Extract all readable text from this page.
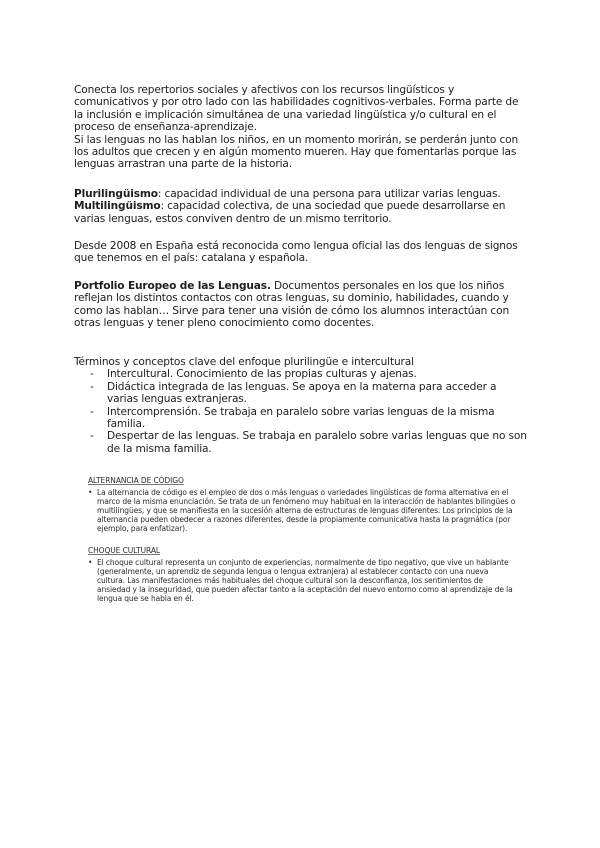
Conecta los repertorios sociales y afectivos con los recursos lingüísticos y comunicativos y por otro lado con las habilidades cognitivos-verbales. Forma parte de la inclusión e implicación simultánea de una variedad lingüística y/o cultural en el proceso de enseñanza-aprendizaje.

Si las lenguas no las hablan los niños, en un momento morirán, se perderán junto con los adultos que crecen y en algún momento mueren. Hay que fomentarlas porque las lenguas arrastran una parte de la historia.

Plurilingüismo: capacidad individual de una persona para utilizar varias lenguas.

Multilingüismo: capacidad colectiva, de una sociedad que puede desarrollarse en varias lenguas, estos conviven dentro de un mismo territorio.

Desde 2008 en España está reconocida como lengua oficial las dos lenguas de signos que tenemos en el país: catalana y española.

Portfolio Europeo de las Lenguas. Documentos personales en los que los niños reflejan los distintos contactos con otras lenguas, su dominio, habilidades, cuando y como las hablan… Sirve para tener una visión de cómo los alumnos interactúan con otras lenguas y tener pleno conocimiento como docentes.

Términos y conceptos clave del enfoque plurilingüe e intercultural

- Intercultural. Conocimiento de las propias culturas y ajenas.
- Didáctica integrada de las lenguas. Se apoya en la materna para acceder a varias lenguas extranjeras.
- Intercomprensión. Se trabaja en paralelo sobre varias lenguas de la misma familia.
- Despertar de las lenguas. Se trabaja en paralelo sobre varias lenguas que no son de la misma familia.

ALTERNANCIA DE CÓDIGO

• La alternancia de código es el empleo de dos o más lenguas o variedades lingüísticas de forma alternativa en el marco de la misma enunciación. Se trata de un fenómeno muy habitual en la interacción de hablantes bilingües o multilingües, y que se manifiesta en la sucesión alterna de estructuras de lenguas diferentes. Los principios de la alternancia pueden obedecer a razones diferentes, desde la propiamente comunicativa hasta la pragmática (por ejemplo, para enfatizar).

CHOQUE CULTURAL

• El choque cultural representa un conjunto de experiencias, normalmente de tipo negativo, que vive un hablante (generalmente, un aprendiz de segunda lengua o lengua extranjera) al establecer contacto con una nueva cultura. Las manifestaciones más habituales del choque cultural son la desconfianza, los sentimientos de ansiedad y la inseguridad, que pueden afectar tanto a la aceptación del nuevo entorno como al aprendizaje de la lengua que se habla en él.
